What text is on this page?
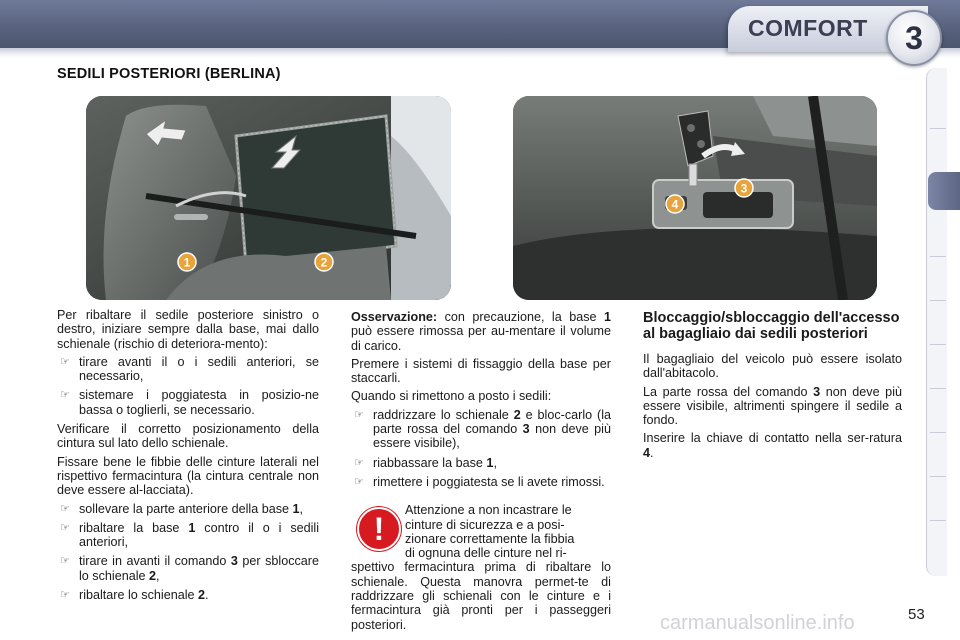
COMFORT	3
SEDILI POSTERIORI (BERLINA)
1	2
3
4

Per ribaltare il sedile posteriore sinistro o destro, iniziare sempre dalla base, mai dallo schienale (rischio di deteriora-mento):

☞ tirare avanti il o i sedili anteriori, se necessario,
☞ sistemare i poggiatesta in posizio-ne bassa o toglierli, se necessario.

Verificare il corretto posizionamento della cintura sul lato dello schienale.

Fissare bene le fibbie delle cinture laterali nel rispettivo fermacintura (la cintura centrale non deve essere al-lacciata).

☞ sollevare la parte anteriore della base 1,
☞ ribaltare la base 1 contro il o i sedili anteriori,
☞ tirare in avanti il comando 3 per sbloccare lo schienale 2,
☞ ribaltare lo schienale 2.

Osservazione: con precauzione, la base 1 può essere rimossa per au-mentare il volume di carico.

Premere i sistemi di fissaggio della base per staccarli.

Quando si rimettono a posto i sedili:

☞ raddrizzare lo schienale 2 e bloc-carlo (la parte rossa del comando 3 non deve più essere visibile),
☞ riabbassare la base 1,
☞ rimettere i poggiatesta se li avete rimossi.
!
Attenzione a non incastrare le
cinture di sicurezza e a posi-
zionare correttamente la fibbia
di ognuna delle cinture nel ri-
spettivo fermacintura prima di ribaltare lo schienale. Questa manovra permet-te di raddrizzare gli schienali con le cinture e i fermacintura già pronti per i passeggeri posteriori.
Bloccaggio/sbloccaggio dell'accesso al bagagliaio dai sedili posteriori

Il bagagliaio del veicolo può essere isolato dall'abitacolo.

La parte rossa del comando 3 non deve più essere visibile, altrimenti spingere il sedile a fondo.

Inserire la chiave di contatto nella ser-ratura 4.

carmanualsonline.info	53
